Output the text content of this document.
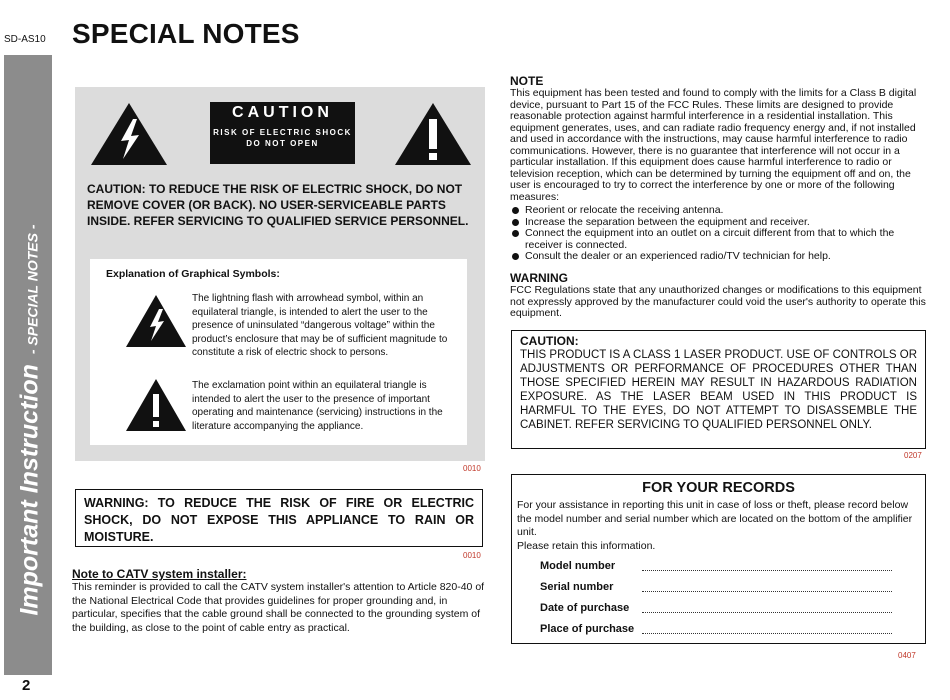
SD-AS10 SPECIAL NOTES
Important Instruction- SPECIAL NOTES -
2
CAUTION
RISK OF ELECTRIC SHOCK
DO NOT OPEN
CAUTION: TO REDUCE THE RISK OF ELECTRIC SHOCK, DO NOT REMOVE COVER (OR BACK). NO USER-SERVICEABLE PARTS INSIDE. REFER SERVICING TO QUALIFIED SERVICE PERSONNEL.
Explanation of Graphical Symbols:
The lightning flash with arrowhead symbol, within an equilateral triangle, is intended to alert the user to the presence of uninsulated “dangerous voltage” within the product’s enclosure that may be of sufficient magnitude to constitute a risk of electric shock to persons.
The exclamation point within an equilateral triangle is intended to alert the user to the presence of important operating and maintenance (servicing) instructions in the literature accompanying the appliance.
0010
WARNING: TO REDUCE THE RISK OF FIRE OR ELECTRIC SHOCK, DO NOT EXPOSE THIS APPLIANCE TO RAIN OR MOISTURE.
0010
Note to CATV system installer:
This reminder is provided to call the CATV system installer's attention to Article 820-40 of the National Electrical Code that provides guidelines for proper grounding and, in particular, specifies that the cable ground shall be connected to the grounding system of the building, as close to the point of cable entry as practical.
NOTE
This equipment has been tested and found to comply with the limits for a Class B digital device, pursuant to Part 15 of the FCC Rules. These limits are designed to provide reasonable protection against harmful interference in a residential installation. This equipment generates, uses, and can radiate radio frequency energy and, if not installed and used in accordance with the instructions, may cause harmful interference to radio communications. However, there is no guarantee that interference will not occur in a particular installation. If this equipment does cause harmful interference to radio or television reception, which can be determined by turning the equipment off and on, the user is encouraged to try to correct the interference by one or more of the following measures:
Reorient or relocate the receiving antenna.
Increase the separation between the equipment and receiver.
Connect the equipment into an outlet on a circuit different from that to which the receiver is connected.
Consult the dealer or an experienced radio/TV technician for help.
WARNING
FCC Regulations state that any unauthorized changes or modifications to this equipment not expressly approved by the manufacturer could void the user's authority to operate this equipment.
CAUTION:
THIS PRODUCT IS A CLASS 1 LASER PRODUCT. USE OF CONTROLS OR ADJUSTMENTS OR PERFORMANCE OF PROCEDURES OTHER THAN THOSE SPECIFIED HEREIN MAY RESULT IN HAZARDOUS RADIATION EXPOSURE. AS THE LASER BEAM USED IN THIS PRODUCT IS HARMFUL TO THE EYES, DO NOT ATTEMPT TO DISASSEMBLE THE CABINET. REFER SERVICING TO QUALIFIED PERSONNEL ONLY.
0207
FOR YOUR RECORDS
For your assistance in reporting this unit in case of loss or theft, please record below the model number and serial number which are located on the bottom of the amplifier unit.
Please retain this information.
Model number
Serial number
Date of purchase
Place of purchase
0407
